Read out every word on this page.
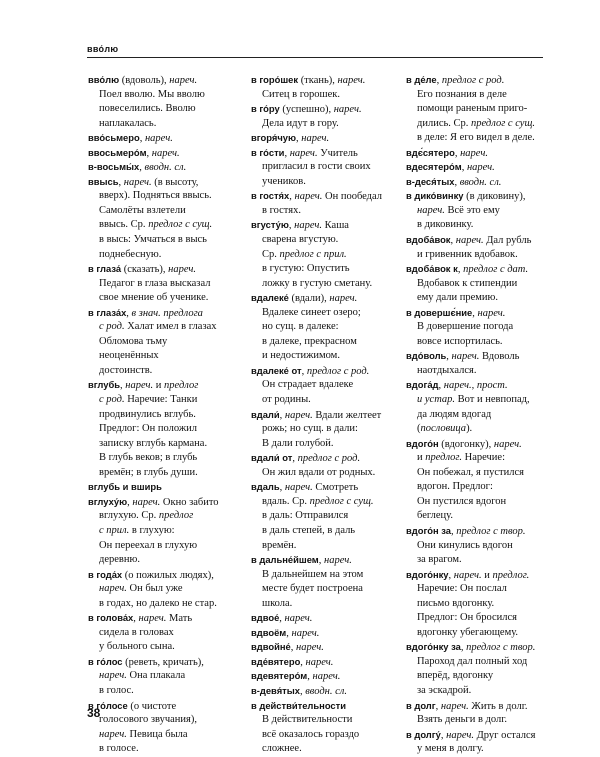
вво́лю
вво́лю (вдоволь), нареч.
Поел вволю. Мы вволю
повеселились. Вволю
наплакалась.
вво́сьмеро, нареч.
ввосьмеро́м, нареч.
в-восьмы́х, вводн. сл.
ввысь, нареч. (в высоту,
вверх). Подняться ввысь.
Самолёты взлетели
ввысь. Ср. предлог с сущ.
в высь: Умчаться в высь
поднебесную.
в глаза́ (сказать), нареч.
Педагог в глаза высказал
свое мнение об ученике.
в глаза́х, в знач. предлога
с род. Халат имел в глазах
Обломова тьму
неоценённых
достоинств.
вглубь, нареч. и предлог
с род. Наречие: Танки
продвинулись вглубь.
Предлог: Он положил
записку вглубь кармана.
В глубь веков; в глубь
времён; в глубь души.
вглубь и вширь
вглуху́ю, нареч. Окно забито
вглухую. Ср. предлог
с прил. в глухую:
Он переехал в глухую
деревню.
в года́х (о пожилых людях),
нареч. Он был уже
в годах, но далеко не стар.
в голова́х, нареч. Мать
сидела в головах
у больного сына.
в го́лос (реветь, кричать),
нареч. Она плакала
в голос.
в го́лосе (о чистоте
голосового звучания),
нареч. Певица была
в голосе.
в горо́шек (ткань), нареч.
Ситец в горошек.
в го́ру (успешно), нареч.
Дела идут в гору.
вгоря́чую, нареч.
в го́сти, нареч. Учитель
пригласил в гости своих
учеников.
в гостя́х, нареч. Он пообедал
в гостях.
вгусту́ю, нареч. Каша
сварена вгустую.
Ср. предлог с прил.
в густую: Опустить
ложку в густую сметану.
вдалеке́ (вдали), нареч.
Вдалеке синеет озеро;
но сущ. в далеке:
в далеке, прекрасном
и недостижимом.
вдалеке́ от, предлог с род.
Он страдает вдалеке
от родины.
вдали́, нареч. Вдали желтеет
рожь; но сущ. в дали:
В дали голубой.
вдали́ от, предлог с род.
Он жил вдали от родных.
вдаль, нареч. Смотреть
вдаль. Ср. предлог с сущ.
в даль: Отправился
в даль степей, в даль
времён.
в дальне́йшем, нареч.
В дальнейшем на этом
месте будет построена
школа.
вдвое́, нареч.
вдвоём, нареч.
вдвойне́, нареч.
вде́вятеро, нареч.
вдевятеро́м, нареч.
в-девя́тых, вводн. сл.
в действи́тельности
В действительности
всё оказалось гораздо
сложнее.
в де́ле, предлог с род.
Его познания в деле
помощи раненым приго-
дились. Ср. предлог с сущ.
в деле: Я его видел в деле.
вдє́сятеро, нареч.
вдесятеро́м, нареч.
в-деся́тых, вводн. сл.
в дико́винку (в диковину),
нареч. Всё это ему
в диковинку.
вдоба́вок, нареч. Дал рубль
и гривенник вдобавок.
вдоба́вок к, предлог с дат.
Вдобавок к стипендии
ему дали премию.
в довершє́ние, нареч.
В довершение погода
вовсе испортилась.
вдо́воль, нареч. Вдоволь
наотдыхался.
вдога́д, нареч., прост.
и устар. Вот и невпопад,
да людям вдогад
(пословица).
вдого́н (вдогонку), нареч.
и предлог. Наречие:
Он побежал, я пустился
вдогон. Предлог:
Он пустился вдогон
беглецу.
вдого́н за, предлог с твор.
Они кинулись вдогон
за врагом.
вдого́нку, нареч. и предлог.
Наречие: Он послал
письмо вдогонку.
Предлог: Он бросился
вдогонку убегающему.
вдого́нку за, предлог с твор.
Пароход дал полный ход
вперёд, вдогонку
за эскадрой.
в долг, нареч. Жить в долг.
Взять деньги в долг.
в долгу́, нареч. Друг остался
у меня в долгу.
38
